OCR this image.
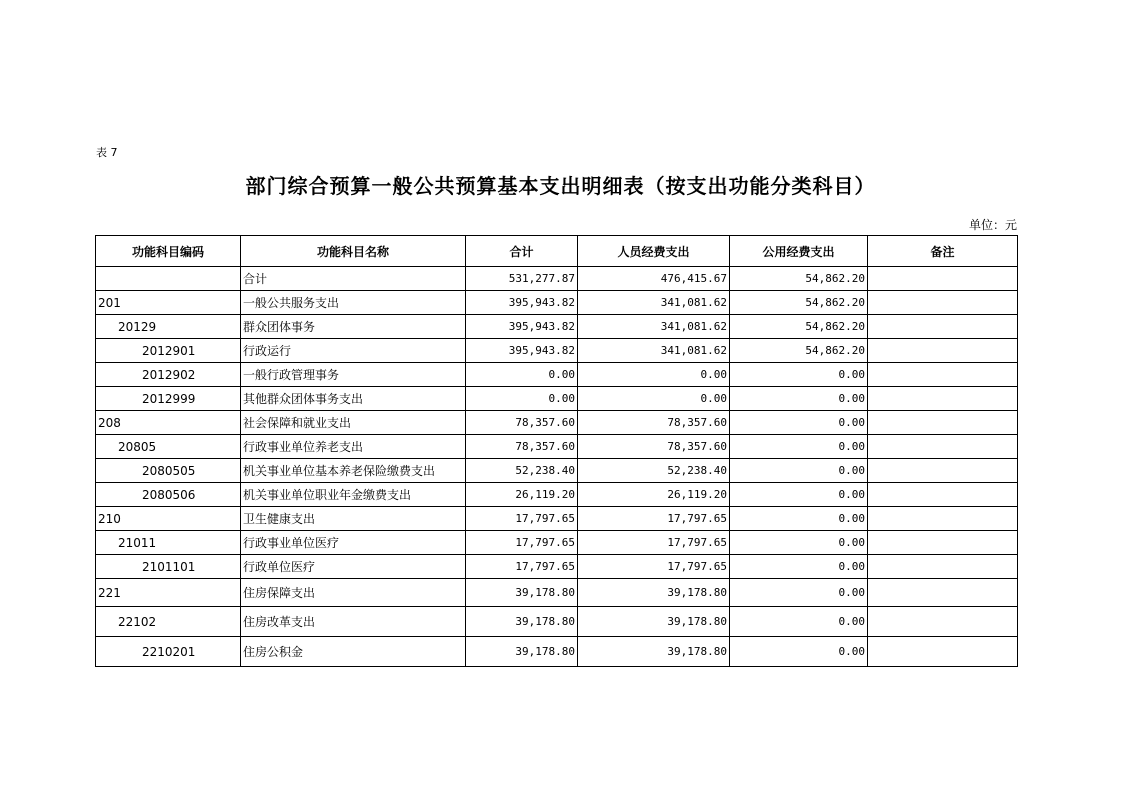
表 7
部门综合预算一般公共预算基本支出明细表（按支出功能分类科目）
单位：元
功能科目编码	功能科目名称	合计	人员经费支出	公用经费支出	备注
	合计	531,277.87	476,415.67	54,862.20	
201	一般公共服务支出	395,943.82	341,081.62	54,862.20	
20129	群众团体事务	395,943.82	341,081.62	54,862.20	
2012901	行政运行	395,943.82	341,081.62	54,862.20	
2012902	一般行政管理事务	0.00	0.00	0.00	
2012999	其他群众团体事务支出	0.00	0.00	0.00	
208	社会保障和就业支出	78,357.60	78,357.60	0.00	
20805	行政事业单位养老支出	78,357.60	78,357.60	0.00	
2080505	机关事业单位基本养老保险缴费支出	52,238.40	52,238.40	0.00	
2080506	机关事业单位职业年金缴费支出	26,119.20	26,119.20	0.00	
210	卫生健康支出	17,797.65	17,797.65	0.00	
21011	行政事业单位医疗	17,797.65	17,797.65	0.00	
2101101	行政单位医疗	17,797.65	17,797.65	0.00	
221	住房保障支出	39,178.80	39,178.80	0.00	
22102	住房改革支出	39,178.80	39,178.80	0.00	
2210201	住房公积金	39,178.80	39,178.80	0.00	
